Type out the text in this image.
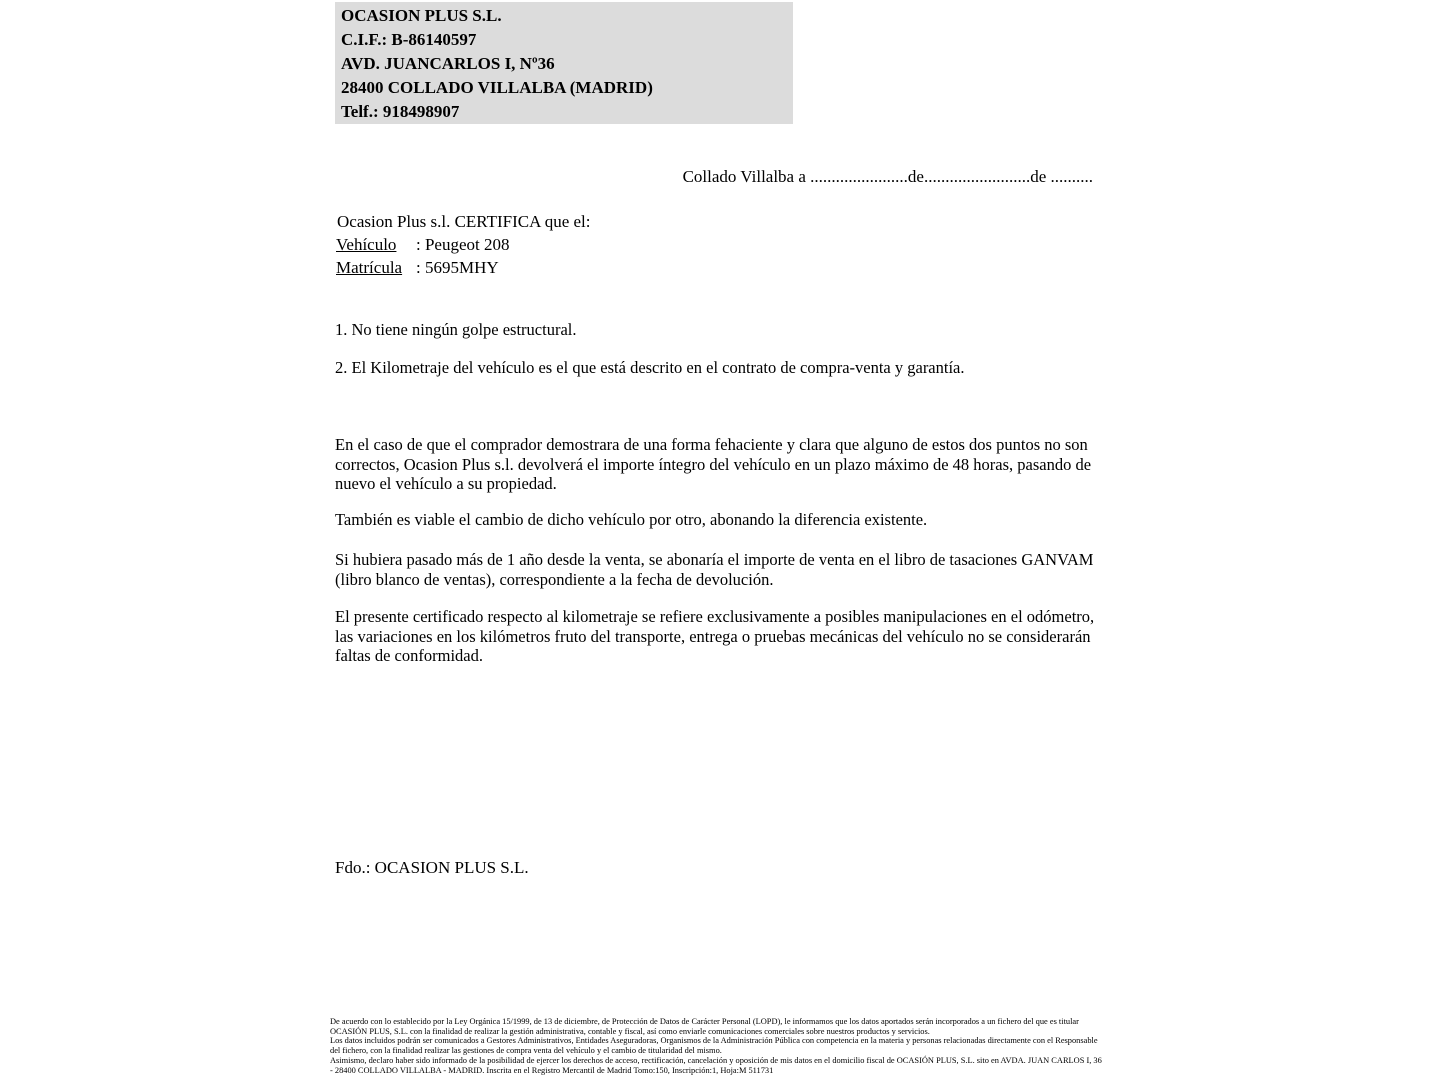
OCASION PLUS S.L.
C.I.F.: B-86140597
AVD. JUANCARLOS I, Nº36
28400 COLLADO VILLALBA (MADRID)
Telf.: 918498907
Collado Villalba a .......................de.........................de ..........
Ocasion Plus s.l. CERTIFICA que el:
Vehículo : Peugeot 208
Matrícula : 5695MHY
1. No tiene ningún golpe estructural.
2. El Kilometraje del vehículo es el que está descrito en el contrato de compra-venta y garantía.
En el caso de que el comprador demostrara de una forma fehaciente y clara que alguno de estos dos puntos no son correctos, Ocasion Plus s.l. devolverá el importe íntegro del vehículo en un plazo máximo de 48 horas, pasando de nuevo el vehículo a su propiedad.
También es viable el cambio de dicho vehículo por otro, abonando la diferencia existente.
Si hubiera pasado más de 1 año desde la venta, se abonaría el importe de venta en el libro de tasaciones GANVAM (libro blanco de ventas), correspondiente a la fecha de devolución.
El presente certificado respecto al kilometraje se refiere exclusivamente a posibles manipulaciones en el odómetro, las variaciones en los kilómetros fruto del transporte, entrega o pruebas mecánicas del vehículo no se considerarán faltas de conformidad.
Fdo.: OCASION PLUS S.L.

De acuerdo con lo establecido por la Ley Orgánica 15/1999, de 13 de diciembre, de Protección de Datos de Carácter Personal (LOPD), le informamos que los datos aportados serán incorporados a un fichero del que es titular OCASIÓN PLUS, S.L. con la finalidad de realizar la gestión administrativa, contable y fiscal, así como enviarle comunicaciones comerciales sobre nuestros productos y servicios.

Los datos incluidos podrán ser comunicados a Gestores Administrativos, Entidades Aseguradoras, Organismos de la Administración Pública con competencia en la materia y personas relacionadas directamente con el Responsable del fichero, con la finalidad realizar las gestiones de compra venta del vehículo y el cambio de titularidad del mismo.

Asimismo, declaro haber sido informado de la posibilidad de ejercer los derechos de acceso, rectificación, cancelación y oposición de mis datos en el domicilio fiscal de OCASIÓN PLUS, S.L. sito en AVDA. JUAN CARLOS I, 36 - 28400 COLLADO VILLALBA - MADRID. Inscrita en el Registro Mercantil de Madrid Tomo:150, Inscripción:1, Hoja:M 511731
